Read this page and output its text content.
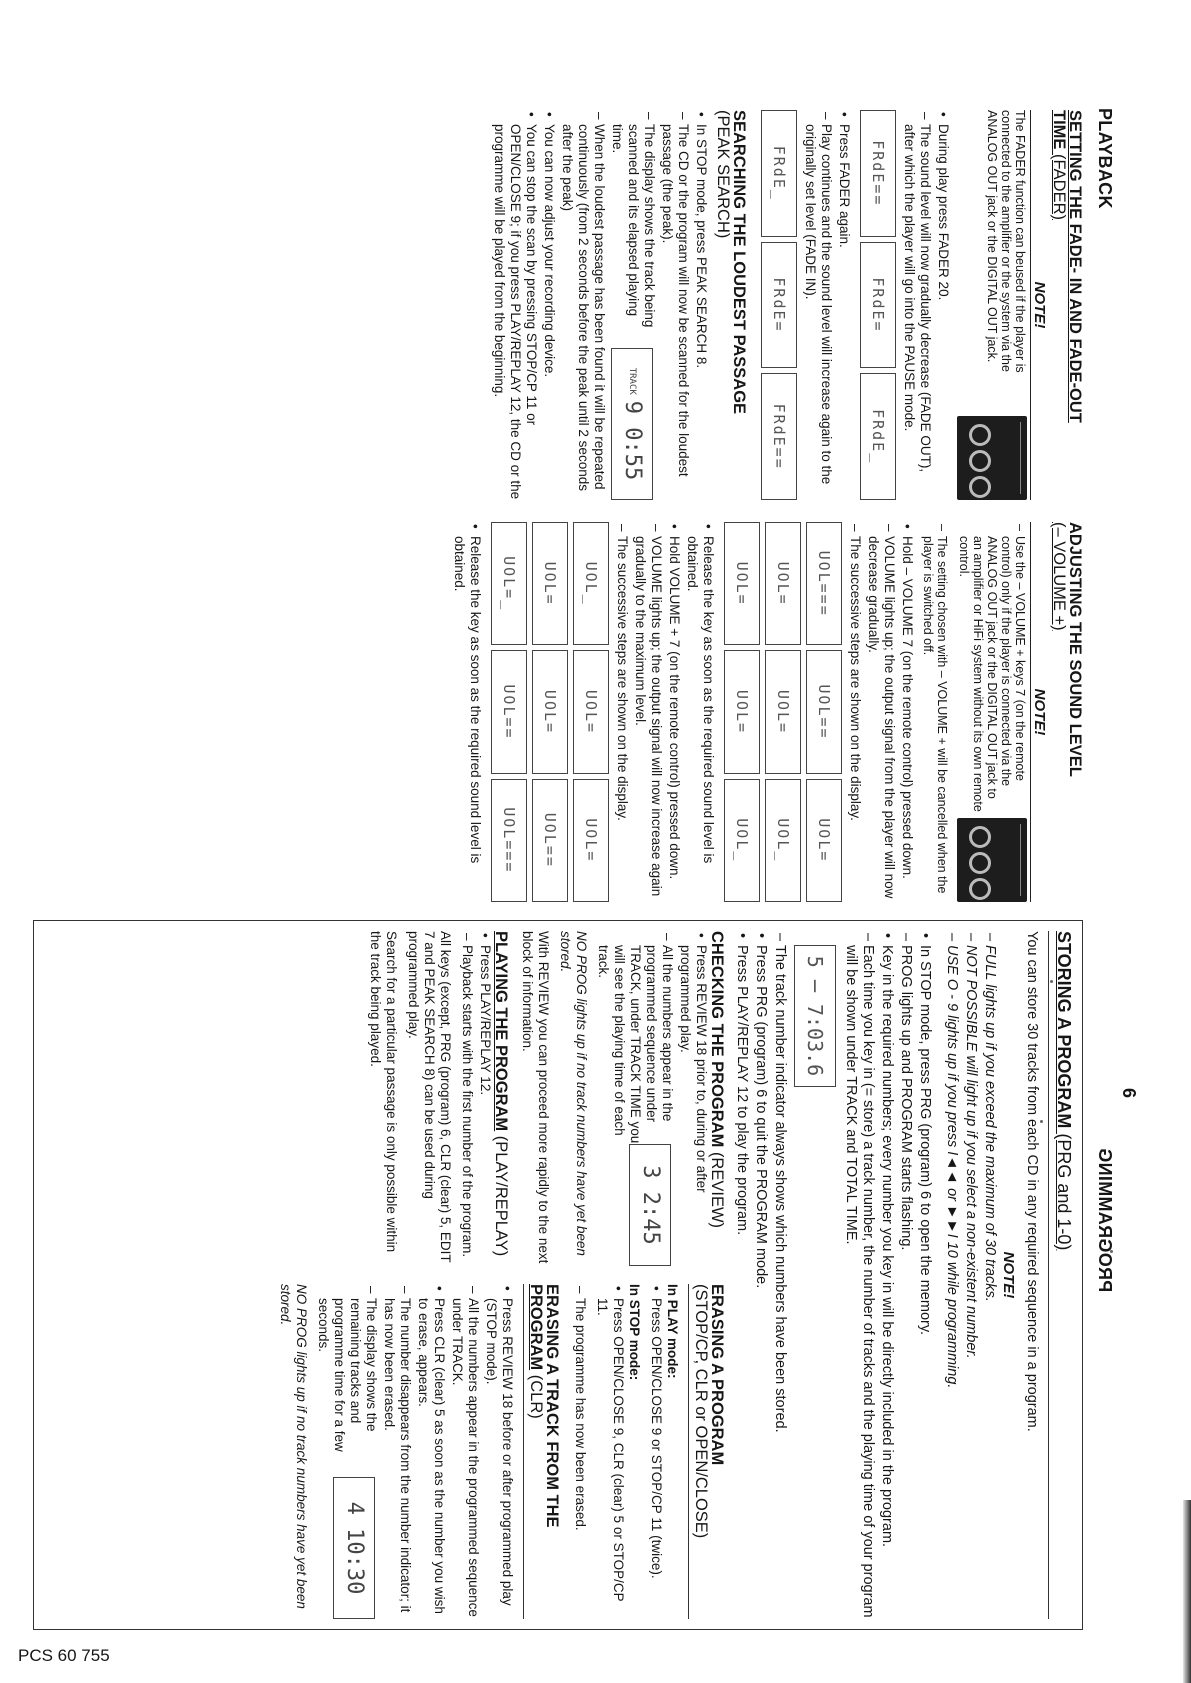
PCS 60 755
6
PLAYBACK
PROGRAMMING
SETTING THE FADE- IN AND FADE-OUT
TIME (FADER)
NOTE!
The FADER function can beused if the player is connected to the amplifier or the system via the ANALOG OUT jack or the DIGITAL OUT jack.
• During play press FADER 20.
– The sound level will now gradually decrease (FADE OUT), after which the player will go into the PAUSE mode.
FRdE==
FRdE=
FRdE_
• Press FADER again.
– Play continues and the sound level will increase again to the originally set level (FADE IN).
FRdE_
FRdE=
FRdE==
SEARCHING THE LOUDEST PASSAGE
(PEAK SEARCH)
• In STOP mode, press PEAK SEARCH 8.
– The CD or the program will now be scanned for the loudest passage (the peak).
TRACK
9

0:55
– The display shows the track being scanned and its elapsed playing time.
– When the loudest passage has been found it will be repeated continuously (from 2 seconds before the peak until 2 seconds after the peak)
• You can now adjust your recording device.
• You can stop the scan by pressing STOP/CP 11 or OPEN/CLOSE 9; if you press PLAY/REPLAY 12, the CD or the programme will be played from the beginning.
ADJUSTING THE SOUND LEVEL
(– VOLUME +)
NOTE!
– Use the – VOLUME + keys 7 (on the remote control) only if the player is connected via the ANALOG OUT jack or the DIGITAL OUT jack to an amplifier or HiFi system without its own remote control.
– The setting chosen with – VOLUME + will be cancelled when the player is switched off.
• Hold – VOLUME 7 (on the remote control) pressed down.
– VOLUME lights up; the output signal from the player will now decrease gradually.
– The successive steps are shown on the display.
UOL===
UOL==
UOL=
UOL=
UOL=
UOL_
UOL=
UOL=
UOL_
• Release the key as soon as the required sound level is obtained.
• Hold VOLUME + 7 (on the remote control) pressed down.
– VOLUME lights up; the output signal will now increase again gradually to the maximum level.
– The successive steps are shown on the display.
UOL_
UOL=
UOL=
UOL=
UOL=
UOL==
UOL=_
UOL==
UOL===
• Release the key as soon as the required sound level is obtained.
STORING A PROGRAM (PRG and 1-0)
You can store 30 tracks from each CD in any required sequence in a program.
NOTE!
– FULL lights up if you exceed the maximum of 30 tracks.
– NOT POSSIBLE will light up if you select a non-existent number.
– USE O - 9 lights up if you press I◄◄ or ►►I 10 while programming.
• In STOP mode, press PRG (program) 6 to open the memory.
– PROG lights up and PROGRAM starts flashing.
• Key in the required numbers; every number you key in will be directly included in the program.
– Each time you key in (= store) a track number, the number of tracks and the playing time of your program will be shown under TRACK and TOTAL TIME.
5 ─ 7:03.6
– The track number indicator always shows which numbers have been stored.
• Press PRG (program) 6 to quit the PROGRAM mode.
• Press PLAY/REPLAY 12 to play the program.
CHECKING THE PROGRAM (REVIEW)
• Press REVIEW 18 prior to, during or after programmed play.
3

2:45
– All the numbers appear in the programmed sequence under TRACK, under TRACK TIME you will see the playing time of each track.
NO PROG lights up if no track numbers have yet been stored.
With REVIEW you can proceed more rapidly to the next block of information.
PLAYING THE PROGRAM (PLAY/REPLAY)
• Press PLAY/REPLAY 12.
– Playback starts with the first number of the program.
All keys (except, PRG (program) 6, CLR (clear) 5, EDIT 7 and PEAK SEARCH 8) can be used during programmed play.
Search for a particular passage is only possible within the track being played.
ERASING A PROGRAM
(STOP/CP, CLR or OPEN/CLOSE)
In PLAY mode:
• Press OPEN/CLOSE 9 or STOP/CP 11 (twice).
In STOP mode:
• Press OPEN/CLOSE 9, CLR (clear) 5 or STOP/CP 11.
– The programme has now been erased.
ERASING A TRACK FROM THE
PROGRAM (CLR)
• Press REVIEW 18 before or after programmed play (STOP mode).
– All the numbers appear in the programmed sequence under TRACK.
• Press CLR (clear) 5 as soon as the number you wish to erase, appears.
– The number disappears from the number indicator; it has now been erased.
4

10:30
– The display shows the remaining tracks and programme time for a few seconds.
NO PROG lights up if no track numbers have yet been stored.
